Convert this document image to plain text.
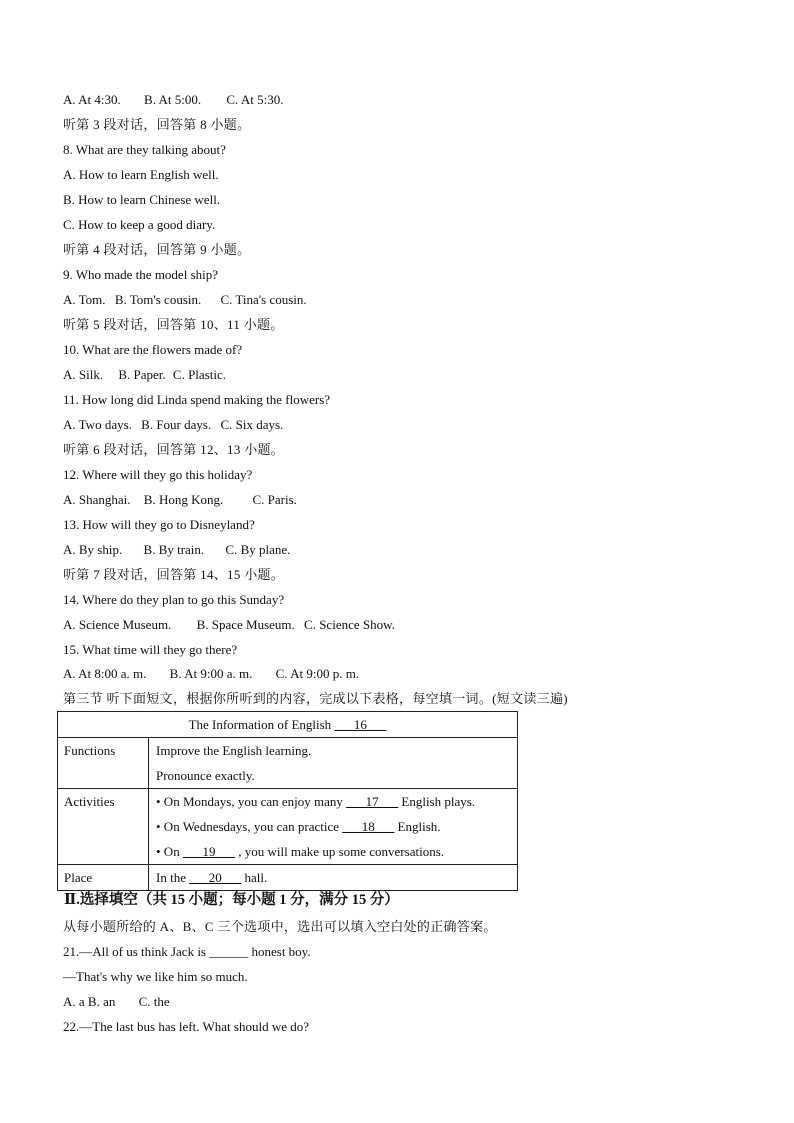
A. At 4:30. B. At 5:00. C. At 5:30.
听第 3 段对话，回答第 8 小题。
8. What are they talking about?
A. How to learn English well.
B. How to learn Chinese well.
C. How to keep a good diary.
听第 4 段对话，回答第 9 小题。
9. Who made the model ship?
A. Tom. B. Tom's cousin. C. Tina's cousin.
听第 5 段对话，回答第 10、11 小题。
10. What are the flowers made of?
A. Silk. B. Paper. C. Plastic.
11. How long did Linda spend making the flowers?
A. Two days. B. Four days. C. Six days.
听第 6 段对话，回答第 12、13 小题。
12. Where will they go this holiday?
A. Shanghai. B. Hong Kong. C. Paris.
13. How will they go to Disneyland?
A. By ship. B. By train. C. By plane.
听第 7 段对话，回答第 14、15 小题。
14. Where do they plan to go this Sunday?
A. Science Museum. B. Space Museum. C. Science Show.
15. What time will they go there?
A. At 8:00 a. m. B. At 9:00 a. m. C. At 9:00 p. m.
第三节 听下面短文，根据你所听到的内容，完成以下表格，每空填一词。(短文读三遍)
The Information of English ___16___	

Functions	Improve the English learning.
Pronounce exactly.

Activities	• On Mondays, you can enjoy many ___17___ English plays.
• On Wednesdays, you can practice ___18___ English.
• On ___19___ , you will make up some conversations.

Place	In the ___20___ hall.
Ⅱ.选择填空（共 15 小题；每小题 1 分，满分 15 分）
从每小题所给的 A、B、C 三个选项中，选出可以填入空白处的正确答案。
21.—All of us think Jack is ______ honest boy.
—That's why we like him so much.
A. a B. an C. the
22.—The last bus has left. What should we do?
